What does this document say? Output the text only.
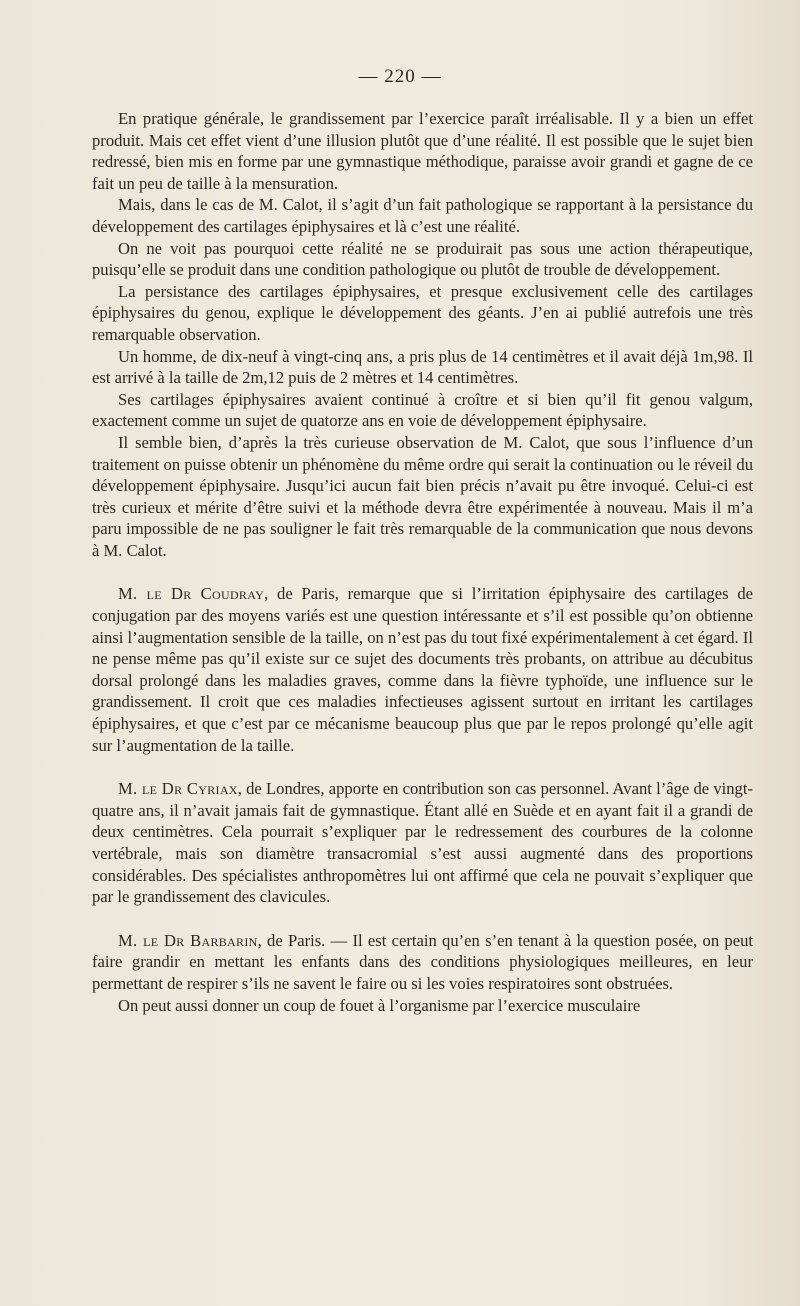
— 220 —

En pratique générale, le grandissement par l’exercice paraît irréalisable. Il y a bien un effet produit. Mais cet effet vient d’une illusion plutôt que d’une réalité. Il est possible que le sujet bien redressé, bien mis en forme par une gymnastique méthodique, paraisse avoir grandi et gagne de ce fait un peu de taille à la mensuration.

Mais, dans le cas de M. Calot, il s’agit d’un fait pathologique se rapportant à la persistance du développement des cartilages épiphysaires et là c’est une réalité.

On ne voit pas pourquoi cette réalité ne se produirait pas sous une action thérapeutique, puisqu’elle se produit dans une condition pathologique ou plutôt de trouble de développement.

La persistance des cartilages épiphysaires, et presque exclusivement celle des cartilages épiphysaires du genou, explique le développement des géants. J’en ai publié autrefois une très remarquable observation.

Un homme, de dix-neuf à vingt-cinq ans, a pris plus de 14 centimètres et il avait déjà 1m,98. Il est arrivé à la taille de 2m,12 puis de 2 mètres et 14 centimètres.

Ses cartilages épiphysaires avaient continué à croître et si bien qu’il fit genou valgum, exactement comme un sujet de quatorze ans en voie de développement épiphysaire.

Il semble bien, d’après la très curieuse observation de M. Calot, que sous l’influence d’un traitement on puisse obtenir un phénomène du même ordre qui serait la continuation ou le réveil du développement épiphysaire. Jusqu’ici aucun fait bien précis n’avait pu être invoqué. Celui-ci est très curieux et mérite d’être suivi et la méthode devra être expérimentée à nouveau. Mais il m’a paru impossible de ne pas souligner le fait très remarquable de la communication que nous devons à M. Calot.

M. le Dr Coudray, de Paris, remarque que si l’irritation épiphysaire des cartilages de conjugation par des moyens variés est une question intéressante et s’il est possible qu’on obtienne ainsi l’augmentation sensible de la taille, on n’est pas du tout fixé expérimentalement à cet égard. Il ne pense même pas qu’il existe sur ce sujet des documents très probants, on attribue au décubitus dorsal prolongé dans les maladies graves, comme dans la fièvre typhoïde, une influence sur le grandissement. Il croit que ces maladies infectieuses agissent surtout en irritant les cartilages épiphysaires, et que c’est par ce mécanisme beaucoup plus que par le repos prolongé qu’elle agit sur l’augmentation de la taille.

M. le Dr Cyriax, de Londres, apporte en contribution son cas personnel. Avant l’âge de vingt-quatre ans, il n’avait jamais fait de gymnastique. Étant allé en Suède et en ayant fait il a grandi de deux centimètres. Cela pourrait s’expliquer par le redressement des courbures de la colonne vertébrale, mais son diamètre transacromial s’est aussi augmenté dans des proportions considérables. Des spécialistes anthropomètres lui ont affirmé que cela ne pouvait s’expliquer que par le grandissement des clavicules.

M. le Dr Barbarin, de Paris. — Il est certain qu’en s’en tenant à la question posée, on peut faire grandir en mettant les enfants dans des conditions physiologiques meilleures, en leur permettant de respirer s’ils ne savent le faire ou si les voies respiratoires sont obstruées.

On peut aussi donner un coup de fouet à l’organisme par l’exercice musculaire
